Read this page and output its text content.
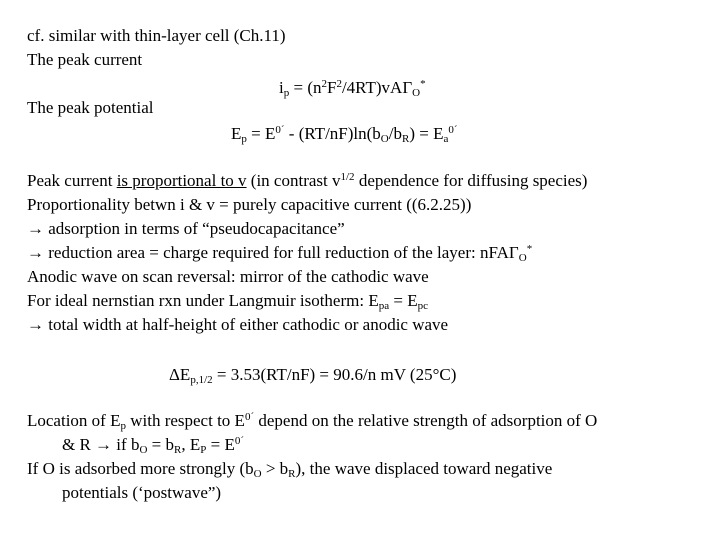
cf. similar with thin-layer cell (Ch.11)
The peak current
$i_p = (n^2F^2/4RT)vA\Gamma_O^*$
The peak potential
$E_p = E^{0´} - (RT/nF)\ln(b_O/b_R) = E_a^{0´}$
Peak current is proportional to v (in contrast $v^{1/2}$ dependence for diffusing species)
Proportionality betwn i & v = purely capacitive current ((6.2.25))
→ adsorption in terms of “pseudocapacitance”
→ reduction area = charge required for full reduction of the layer: nFAΓ$_O$*
Anodic wave on scan reversal: mirror of the cathodic wave
For ideal nernstian rxn under Langmuir isotherm: $E_{pa} = E_{pc}$
→ total width at half-height of either cathodic or anodic wave
$\Delta E_{p,1/2} = 3.53(RT/nF) = 90.6/n$ mV (25°C)
Location of $E_p$ with respect to $E^{0´}$ depend on the relative strength of adsorption of O
& R → if $b_O = b_R$, $E_P = E^{0´}$
If O is adsorbed more strongly $(b_O > b_R)$, the wave displaced toward negative
potentials (‘postwave”)
